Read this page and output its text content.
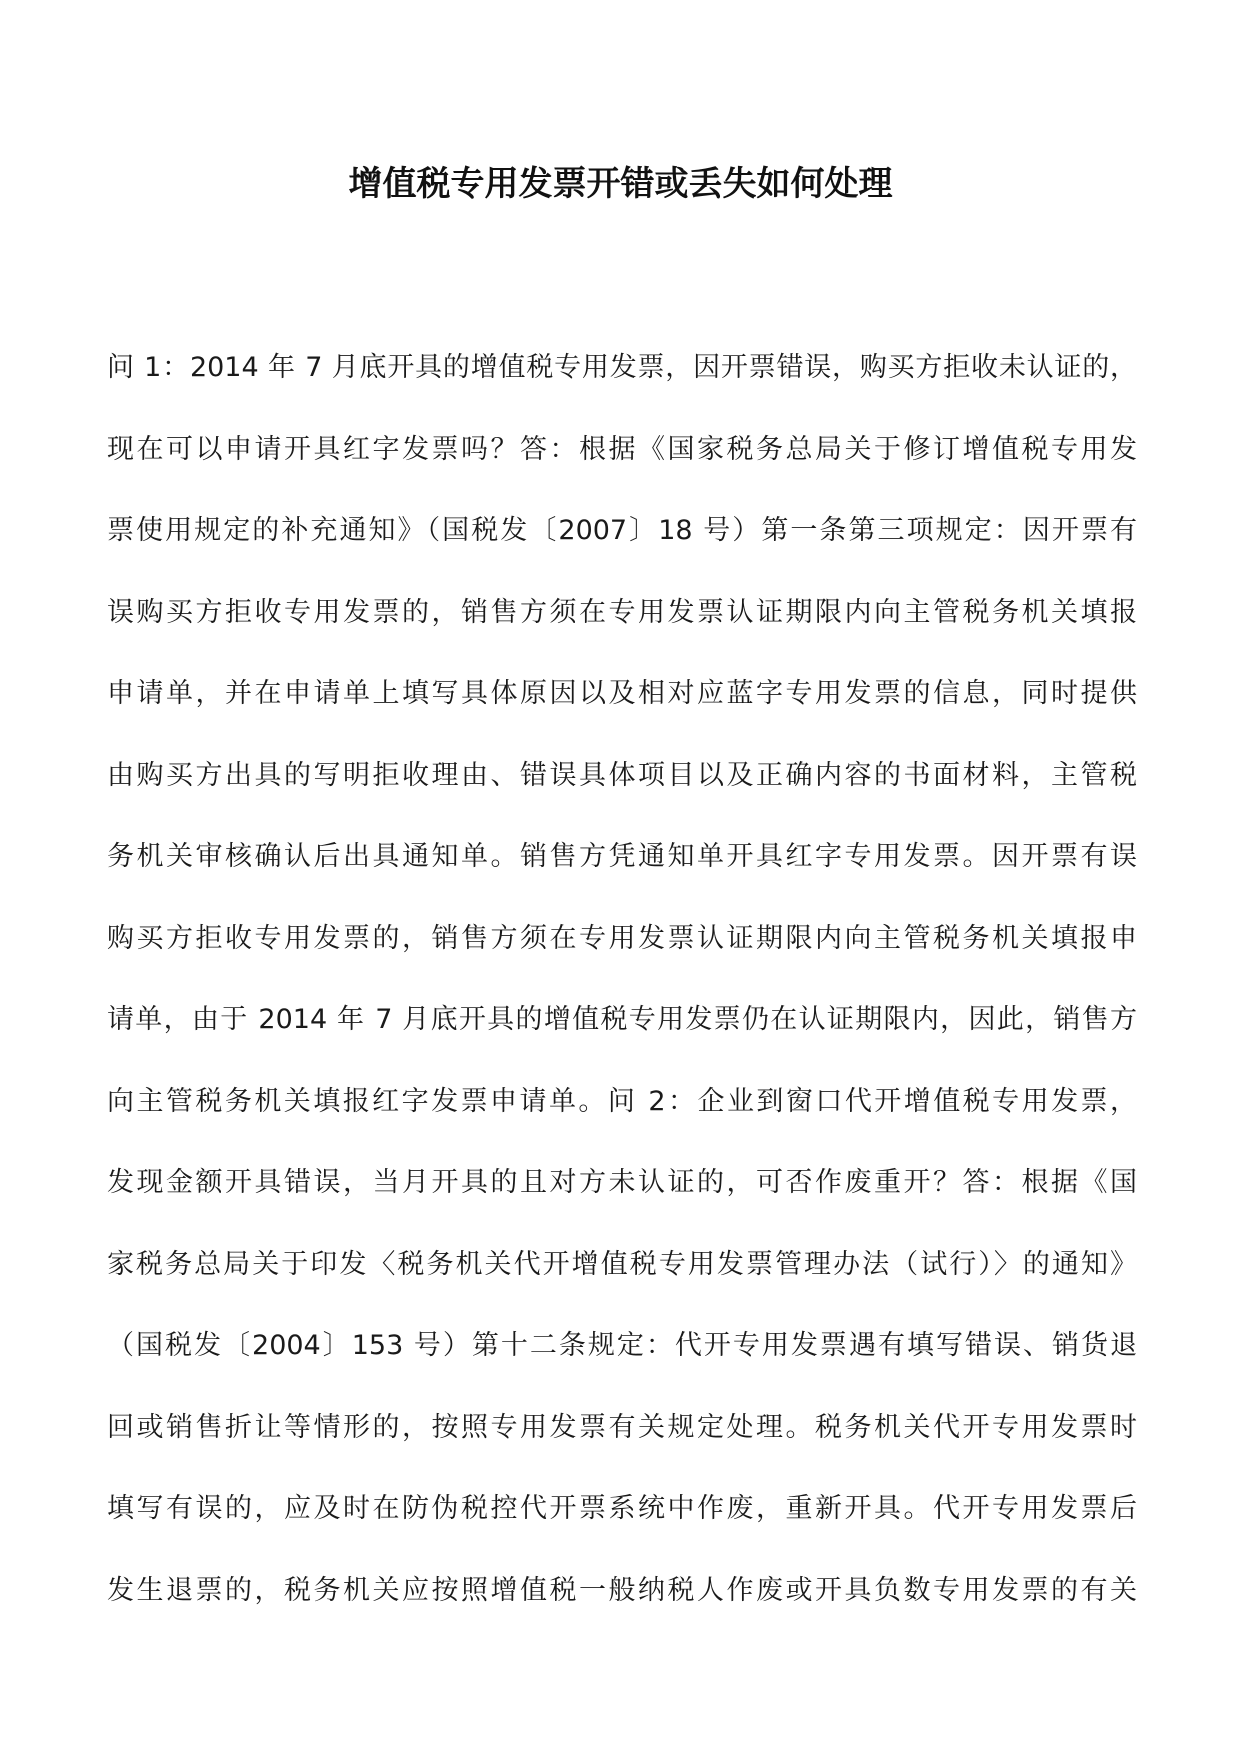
增值税专用发票开错或丢失如何处理
问 1：2014 年 7 月底开具的增值税专用发票，因开票错误，购买方拒收未认证的，
现在可以申请开具红字发票吗？答：根据《国家税务总局关于修订增值税专用发
票使用规定的补充通知》（国税发〔2007〕18 号）第一条第三项规定：因开票有
误购买方拒收专用发票的，销售方须在专用发票认证期限内向主管税务机关填报
申请单，并在申请单上填写具体原因以及相对应蓝字专用发票的信息，同时提供
由购买方出具的写明拒收理由、错误具体项目以及正确内容的书面材料，主管税
务机关审核确认后出具通知单。销售方凭通知单开具红字专用发票。因开票有误
购买方拒收专用发票的，销售方须在专用发票认证期限内向主管税务机关填报申
请单，由于 2014 年 7 月底开具的增值税专用发票仍在认证期限内，因此，销售方
向主管税务机关填报红字发票申请单。问 2：企业到窗口代开增值税专用发票，
发现金额开具错误，当月开具的且对方未认证的，可否作废重开？答：根据《国
家税务总局关于印发〈税务机关代开增值税专用发票管理办法（试行）〉的通知》
（国税发〔2004〕153 号）第十二条规定：代开专用发票遇有填写错误、销货退
回或销售折让等情形的，按照专用发票有关规定处理。税务机关代开专用发票时
填写有误的，应及时在防伪税控代开票系统中作废，重新开具。代开专用发票后
发生退票的，税务机关应按照增值税一般纳税人作废或开具负数专用发票的有关
